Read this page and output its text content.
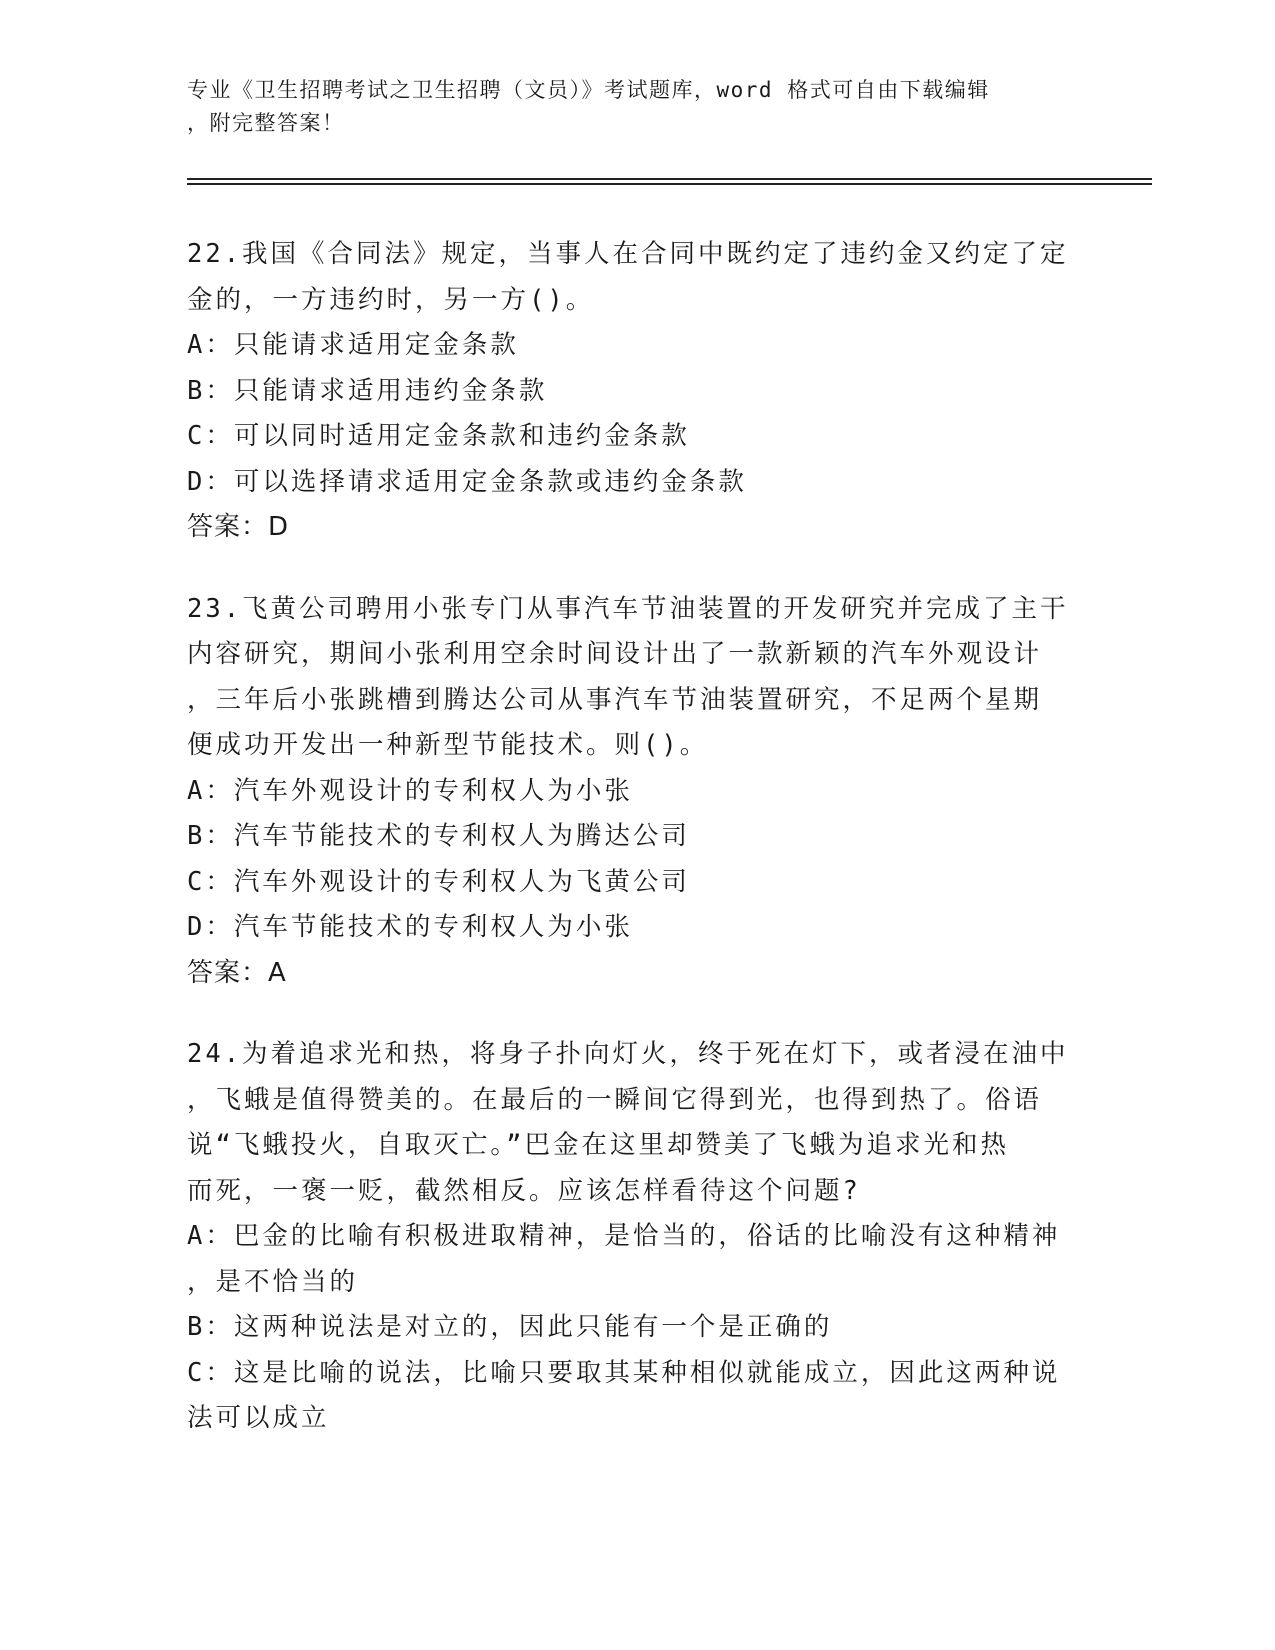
专业《卫生招聘考试之卫生招聘（文员）》考试题库，word 格式可自由下载编辑
，附完整答案！
22.我国《合同法》规定，当事人在合同中既约定了违约金又约定了定
金的，一方违约时，另一方()。
A：只能请求适用定金条款
B：只能请求适用违约金条款
C：可以同时适用定金条款和违约金条款
D：可以选择请求适用定金条款或违约金条款
答案：D
23.飞黄公司聘用小张专门从事汽车节油装置的开发研究并完成了主干
内容研究，期间小张利用空余时间设计出了一款新颖的汽车外观设计
，三年后小张跳槽到腾达公司从事汽车节油装置研究，不足两个星期
便成功开发出一种新型节能技术。则()。
A：汽车外观设计的专利权人为小张
B：汽车节能技术的专利权人为腾达公司
C：汽车外观设计的专利权人为飞黄公司
D：汽车节能技术的专利权人为小张
答案：A
24.为着追求光和热，将身子扑向灯火，终于死在灯下，或者浸在油中
，飞蛾是值得赞美的。在最后的一瞬间它得到光，也得到热了。俗语
说“飞蛾投火，自取灭亡。”巴金在这里却赞美了飞蛾为追求光和热
而死，一褒一贬，截然相反。应该怎样看待这个问题?
A：巴金的比喻有积极进取精神，是恰当的，俗话的比喻没有这种精神
，是不恰当的
B：这两种说法是对立的，因此只能有一个是正确的
C：这是比喻的说法，比喻只要取其某种相似就能成立，因此这两种说
法可以成立
